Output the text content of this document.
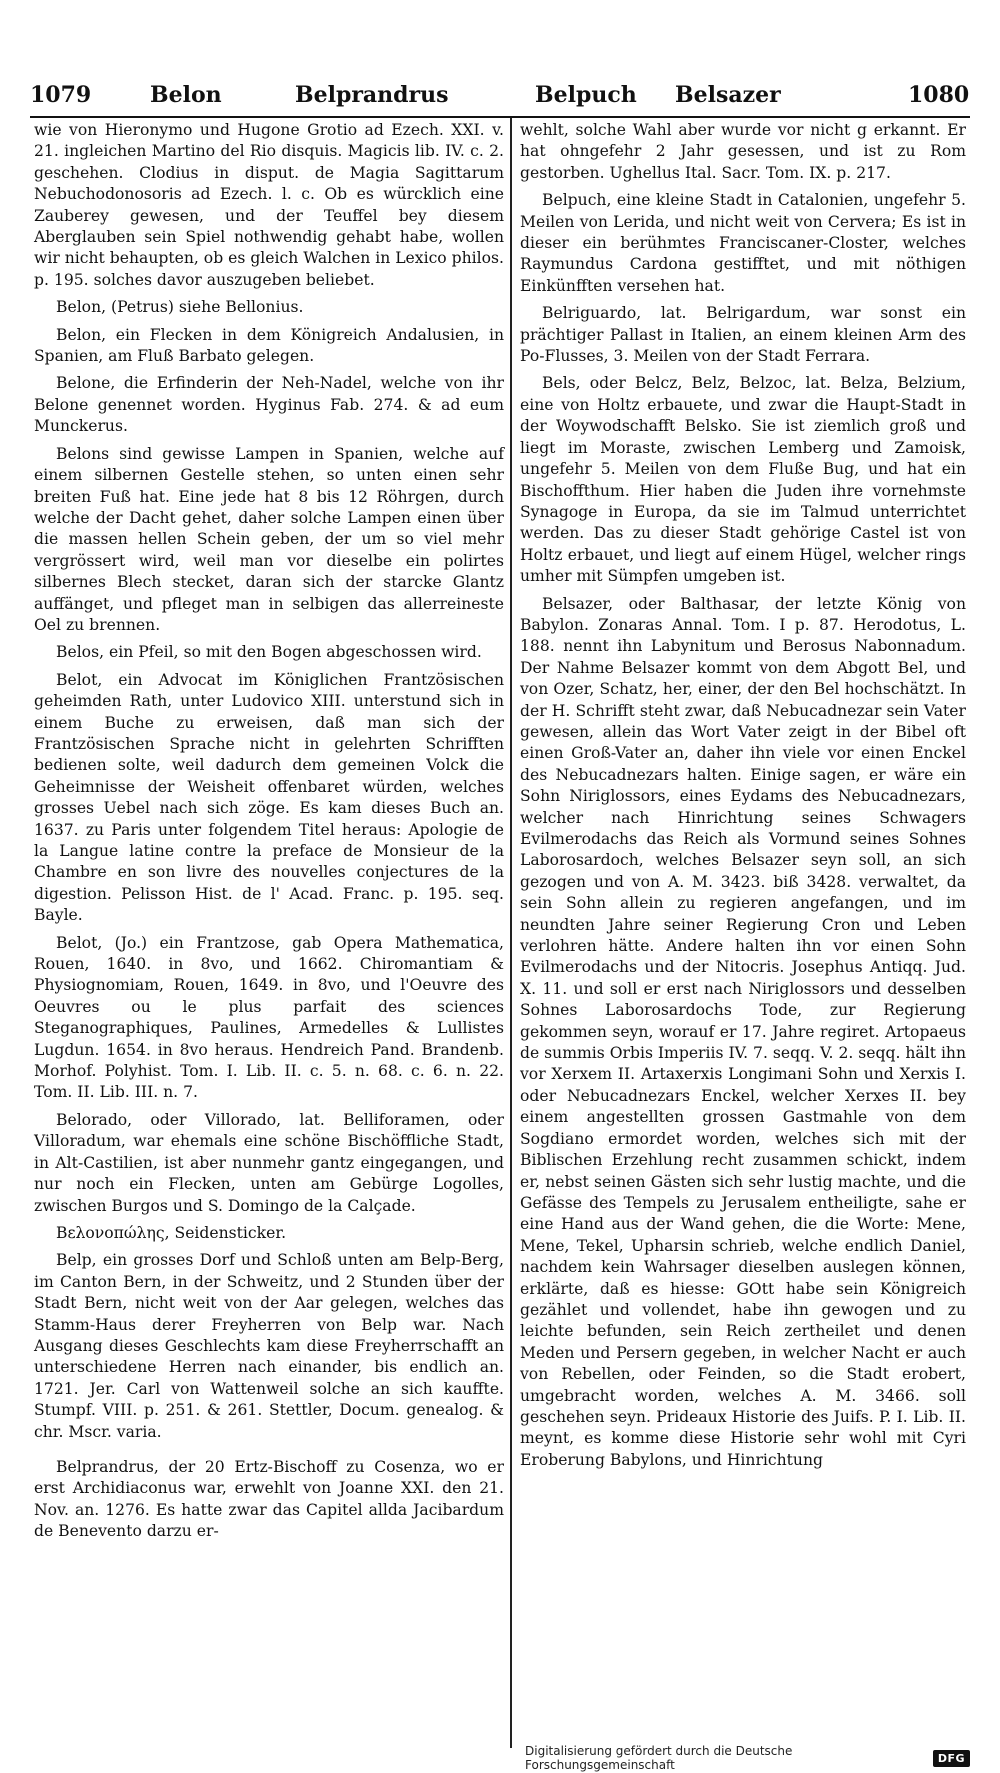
1079	Belon	Belprandrus	Belpuch Belsazer	1080

wie von Hieronymo und Hugone Grotio ad Ezech. XXI. v. 21. ingleichen Martino del Rio disquis. Magicis lib. IV. c. 2. geschehen. Clodius in disput. de Magia Sagittarum Nebuchodonosoris ad Ezech. l. c. Ob es würcklich eine Zauberey gewesen, und der Teuffel bey diesem Aberglauben sein Spiel nothwendig gehabt habe, wollen wir nicht behaupten, ob es gleich Walchen in Lexico philos. p. 195. solches davor auszugeben beliebet.

Belon, (Petrus) siehe Bellonius.

Belon, ein Flecken in dem Königreich Andalusien, in Spanien, am Fluß Barbato gelegen.

Belone, die Erfinderin der Neh-Nadel, welche von ihr Belone genennet worden. Hyginus Fab. 274. & ad eum Munckerus.

Belons sind gewisse Lampen in Spanien, welche auf einem silbernen Gestelle stehen, so unten einen sehr breiten Fuß hat. Eine jede hat 8 bis 12 Röhrgen, durch welche der Dacht gehet, daher solche Lampen einen über die massen hellen Schein geben, der um so viel mehr vergrössert wird, weil man vor dieselbe ein polirtes silbernes Blech stecket, daran sich der starcke Glantz auffänget, und pfleget man in selbigen das allerreineste Oel zu brennen.

Belos, ein Pfeil, so mit den Bogen abgeschossen wird.

Belot, ein Advocat im Königlichen Frantzösischen geheimden Rath, unter Ludovico XIII. unterstund sich in einem Buche zu erweisen, daß man sich der Frantzösischen Sprache nicht in gelehrten Schrifften bedienen solte, weil dadurch dem gemeinen Volck die Geheimnisse der Weisheit offenbaret würden, welches grosses Uebel nach sich zöge. Es kam dieses Buch an. 1637. zu Paris unter folgendem Titel heraus: Apologie de la Langue latine contre la preface de Monsieur de la Chambre en son livre des nouvelles conjectures de la digestion. Pelisson Hist. de l' Acad. Franc. p. 195. seq. Bayle.

Belot, (Jo.) ein Frantzose, gab Opera Mathematica, Rouen, 1640. in 8vo, und 1662. Chiromantiam & Physiognomiam, Rouen, 1649. in 8vo, und l'Oeuvre des Oeuvres ou le plus parfait des sciences Steganographiques, Paulines, Armedelles & Lullistes Lugdun. 1654. in 8vo heraus. Hendreich Pand. Brandenb. Morhof. Polyhist. Tom. I. Lib. II. c. 5. n. 68. c. 6. n. 22. Tom. II. Lib. III. n. 7.

Belorado, oder Villorado, lat. Belliforamen, oder Villoradum, war ehemals eine schöne Bischöffliche Stadt, in Alt-Castilien, ist aber nunmehr gantz eingegangen, und nur noch ein Flecken, unten am Gebürge Logolles, zwischen Burgos und S. Domingo de la Calçade.

Βελονοπώλης, Seidensticker.

Belp, ein grosses Dorf und Schloß unten am Belp-Berg, im Canton Bern, in der Schweitz, und 2 Stunden über der Stadt Bern, nicht weit von der Aar gelegen, welches das Stamm-Haus derer Freyherren von Belp war. Nach Ausgang dieses Geschlechts kam diese Freyherrschafft an unterschiedene Herren nach einander, bis endlich an. 1721. Jer. Carl von Wattenweil solche an sich kauffte. Stumpf. VIII. p. 251. & 261. Stettler, Docum. genealog. & chr. Mscr. varia.

Belprandrus, der 20 Ertz-Bischoff zu Cosenza, wo er erst Archidiaconus war, erwehlt von Joanne XXI. den 21. Nov. an. 1276. Es hatte zwar das Capitel allda Jacibardum de Benevento darzu er-

wehlt, solche Wahl aber wurde vor nicht g erkannt. Er hat ohngefehr 2 Jahr gesessen, und ist zu Rom gestorben. Ughellus Ital. Sacr. Tom. IX. p. 217.

Belpuch, eine kleine Stadt in Catalonien, ungefehr 5. Meilen von Lerida, und nicht weit von Cervera; Es ist in dieser ein berühmtes Franciscaner-Closter, welches Raymundus Cardona gestifftet, und mit nöthigen Einkünfften versehen hat.

Belriguardo, lat. Belrigardum, war sonst ein prächtiger Pallast in Italien, an einem kleinen Arm des Po-Flusses, 3. Meilen von der Stadt Ferrara.

Bels, oder Belcz, Belz, Belzoc, lat. Belza, Belzium, eine von Holtz erbauete, und zwar die Haupt-Stadt in der Woywodschafft Belsko. Sie ist ziemlich groß und liegt im Moraste, zwischen Lemberg und Zamoisk, ungefehr 5. Meilen von dem Fluße Bug, und hat ein Bischoffthum. Hier haben die Juden ihre vornehmste Synagoge in Europa, da sie im Talmud unterrichtet werden. Das zu dieser Stadt gehörige Castel ist von Holtz erbauet, und liegt auf einem Hügel, welcher rings umher mit Sümpfen umgeben ist.

Belsazer, oder Balthasar, der letzte König von Babylon. Zonaras Annal. Tom. I p. 87. Herodotus, L. 188. nennt ihn Labynitum und Berosus Nabonnadum. Der Nahme Belsazer kommt von dem Abgott Bel, und von Ozer, Schatz, her, einer, der den Bel hochschätzt. In der H. Schrifft steht zwar, daß Nebucadnezar sein Vater gewesen, allein das Wort Vater zeigt in der Bibel oft einen Groß-Vater an, daher ihn viele vor einen Enckel des Nebucadnezars halten. Einige sagen, er wäre ein Sohn Niriglossors, eines Eydams des Nebucadnezars, welcher nach Hinrichtung seines Schwagers Evilmerodachs das Reich als Vormund seines Sohnes Laborosardoch, welches Belsazer seyn soll, an sich gezogen und von A. M. 3423. biß 3428. verwaltet, da sein Sohn allein zu regieren angefangen, und im neundten Jahre seiner Regierung Cron und Leben verlohren hätte. Andere halten ihn vor einen Sohn Evilmerodachs und der Nitocris. Josephus Antiqq. Jud. X. 11. und soll er erst nach Niriglossors und desselben Sohnes Laborosardochs Tode, zur Regierung gekommen seyn, worauf er 17. Jahre regiret. Artopaeus de summis Orbis Imperiis IV. 7. seqq. V. 2. seqq. hält ihn vor Xerxem II. Artaxerxis Longimani Sohn und Xerxis I. oder Nebucadnezars Enckel, welcher Xerxes II. bey einem angestellten grossen Gastmahle von dem Sogdiano ermordet worden, welches sich mit der Biblischen Erzehlung recht zusammen schickt, indem er, nebst seinen Gästen sich sehr lustig machte, und die Gefässe des Tempels zu Jerusalem entheiligte, sahe er eine Hand aus der Wand gehen, die die Worte: Mene, Mene, Tekel, Upharsin schrieb, welche endlich Daniel, nachdem kein Wahrsager dieselben auslegen können, erklärte, daß es hiesse: GOtt habe sein Königreich gezählet und vollendet, habe ihn gewogen und zu leichte befunden, sein Reich zertheilet und denen Meden und Persern gegeben, in welcher Nacht er auch von Rebellen, oder Feinden, so die Stadt erobert, umgebracht worden, welches A. M. 3466. soll geschehen seyn. Prideaux Historie des Juifs. P. I. Lib. II. meynt, es komme diese Historie sehr wohl mit Cyri Eroberung Babylons, und Hinrichtung

Digitalisierung gefördert durch die Deutsche Forschungsgemeinschaft	DFG
